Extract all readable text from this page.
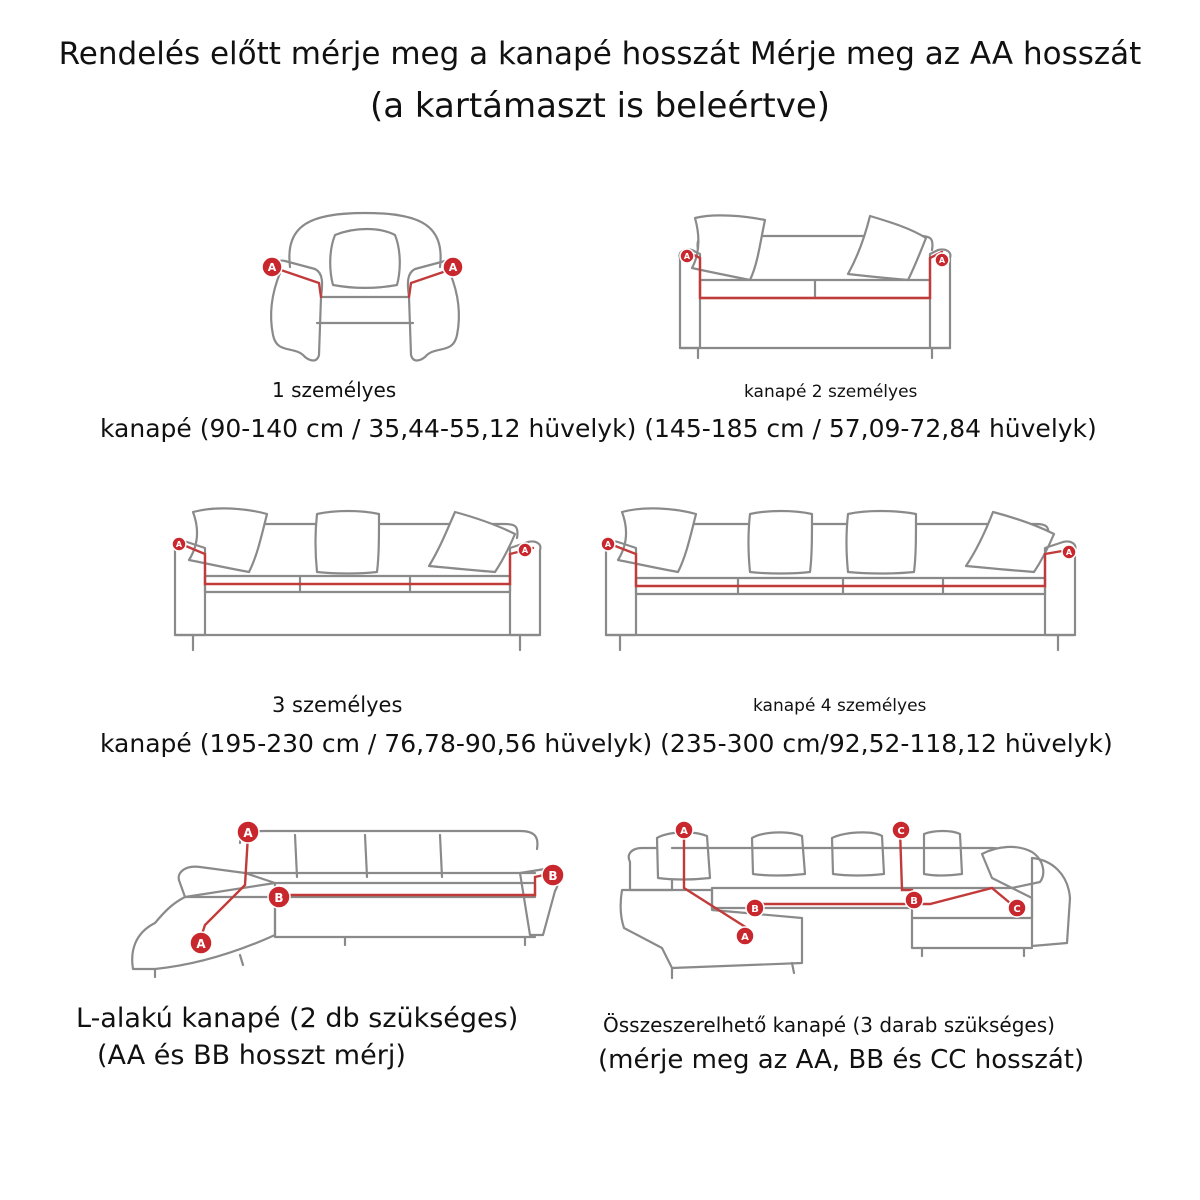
Rendelés előtt mérje meg a kanapé hosszát Mérje meg az AA hosszát
(a kartámaszt is beleértve)
A	A
A	A
A
A
A
A
A
A
B
B
A
A
B
B
C
C

1 személyes	kanapé 2 személyes

kanapé (90-140 cm / 35,44-55,12 hüvelyk) (145-185 cm / 57,09-72,84 hüvelyk)

3 személyes	kanapé 4 személyes

kanapé (195-230 cm / 76,78-90,56 hüvelyk) (235-300 cm/92,52-118,12 hüvelyk)

L-alakú kanapé (2 db szükséges)

(AA és BB hosszt mérj)

Összeszerelhető kanapé (3 darab szükséges)

(mérje meg az AA, BB és CC hosszát)
